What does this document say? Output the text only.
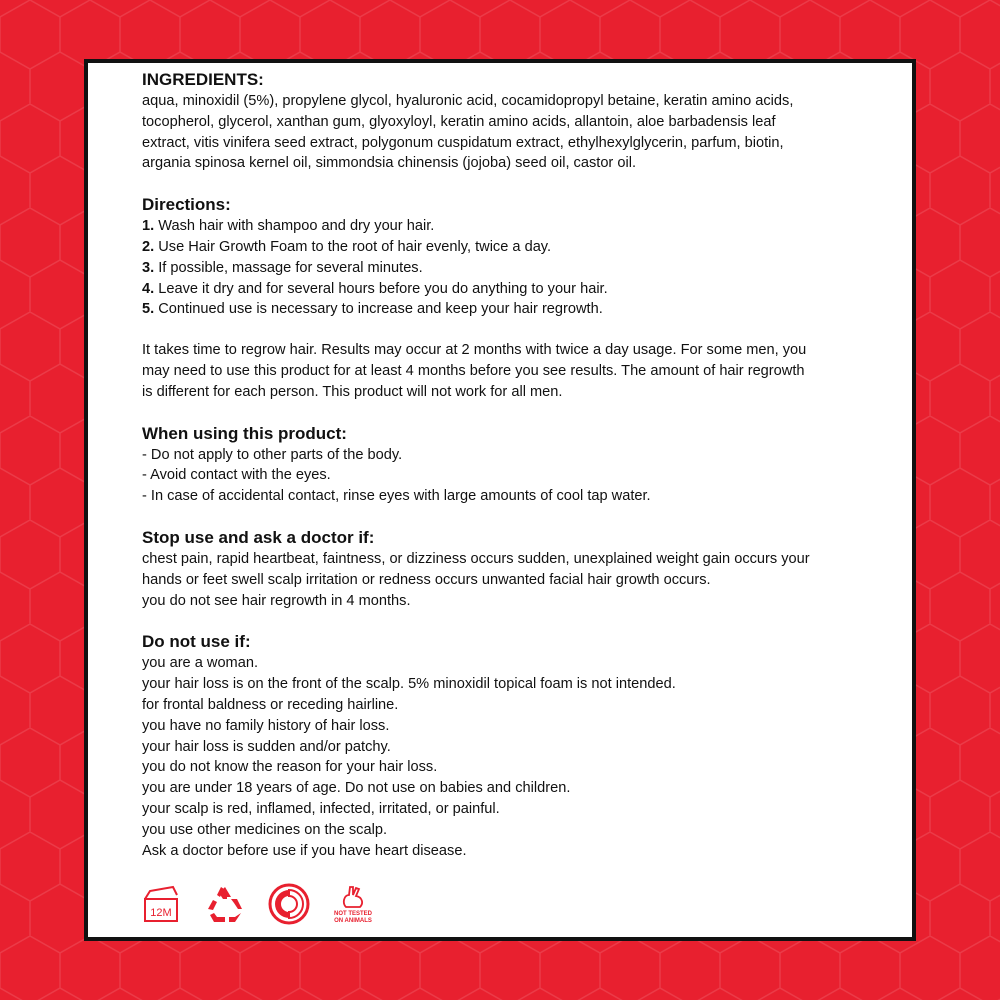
INGREDIENTS:

aqua, minoxidil (5%), propylene glycol, hyaluronic acid, cocamidopropyl betaine, keratin amino acids,
tocopherol, glycerol, xanthan gum, glyoxyloyl, keratin amino acids, allantoin, aloe barbadensis leaf
extract, vitis vinifera seed extract, polygonum cuspidatum extract, ethylhexylglycerin, parfum, biotin,
argania spinosa kernel oil, simmondsia chinensis (jojoba) seed oil, castor oil.

Directions:

1. Wash hair with shampoo and dry your hair.
2. Use Hair Growth Foam to the root of hair evenly, twice a day.
3. If possible, massage for several minutes.
4. Leave it dry and for several hours before you do anything to your hair.
5. Continued use is necessary to increase and keep your hair regrowth.
It takes time to regrow hair. Results may occur at 2 months with twice a day usage. For some men, you
may need to use this product for at least 4 months before you see results. The amount of hair regrowth
is different for each person. This product will not work for all men.

When using this product:

- Do not apply to other parts of the body.
- Avoid contact with the eyes.
- In case of accidental contact, rinse eyes with large amounts of cool tap water.

Stop use and ask a doctor if:

chest pain, rapid heartbeat, faintness, or dizziness occurs sudden, unexplained weight gain occurs your
hands or feet swell scalp irritation or redness occurs unwanted facial hair growth occurs.
you do not see hair regrowth in 4 months.

Do not use if:

you are a woman.
your hair loss is on the front of the scalp. 5% minoxidil topical foam is not intended.
for frontal baldness or receding hairline.
you have no family history of hair loss.
your hair loss is sudden and/or patchy.
you do not know the reason for your hair loss.
you are under 18 years of age. Do not use on babies and children.
your scalp is red, inflamed, infected, irritated, or painful.
you use other medicines on the scalp.
Ask a doctor before use if you have heart disease.
12M	NOT TESTED
ON ANIMALS
